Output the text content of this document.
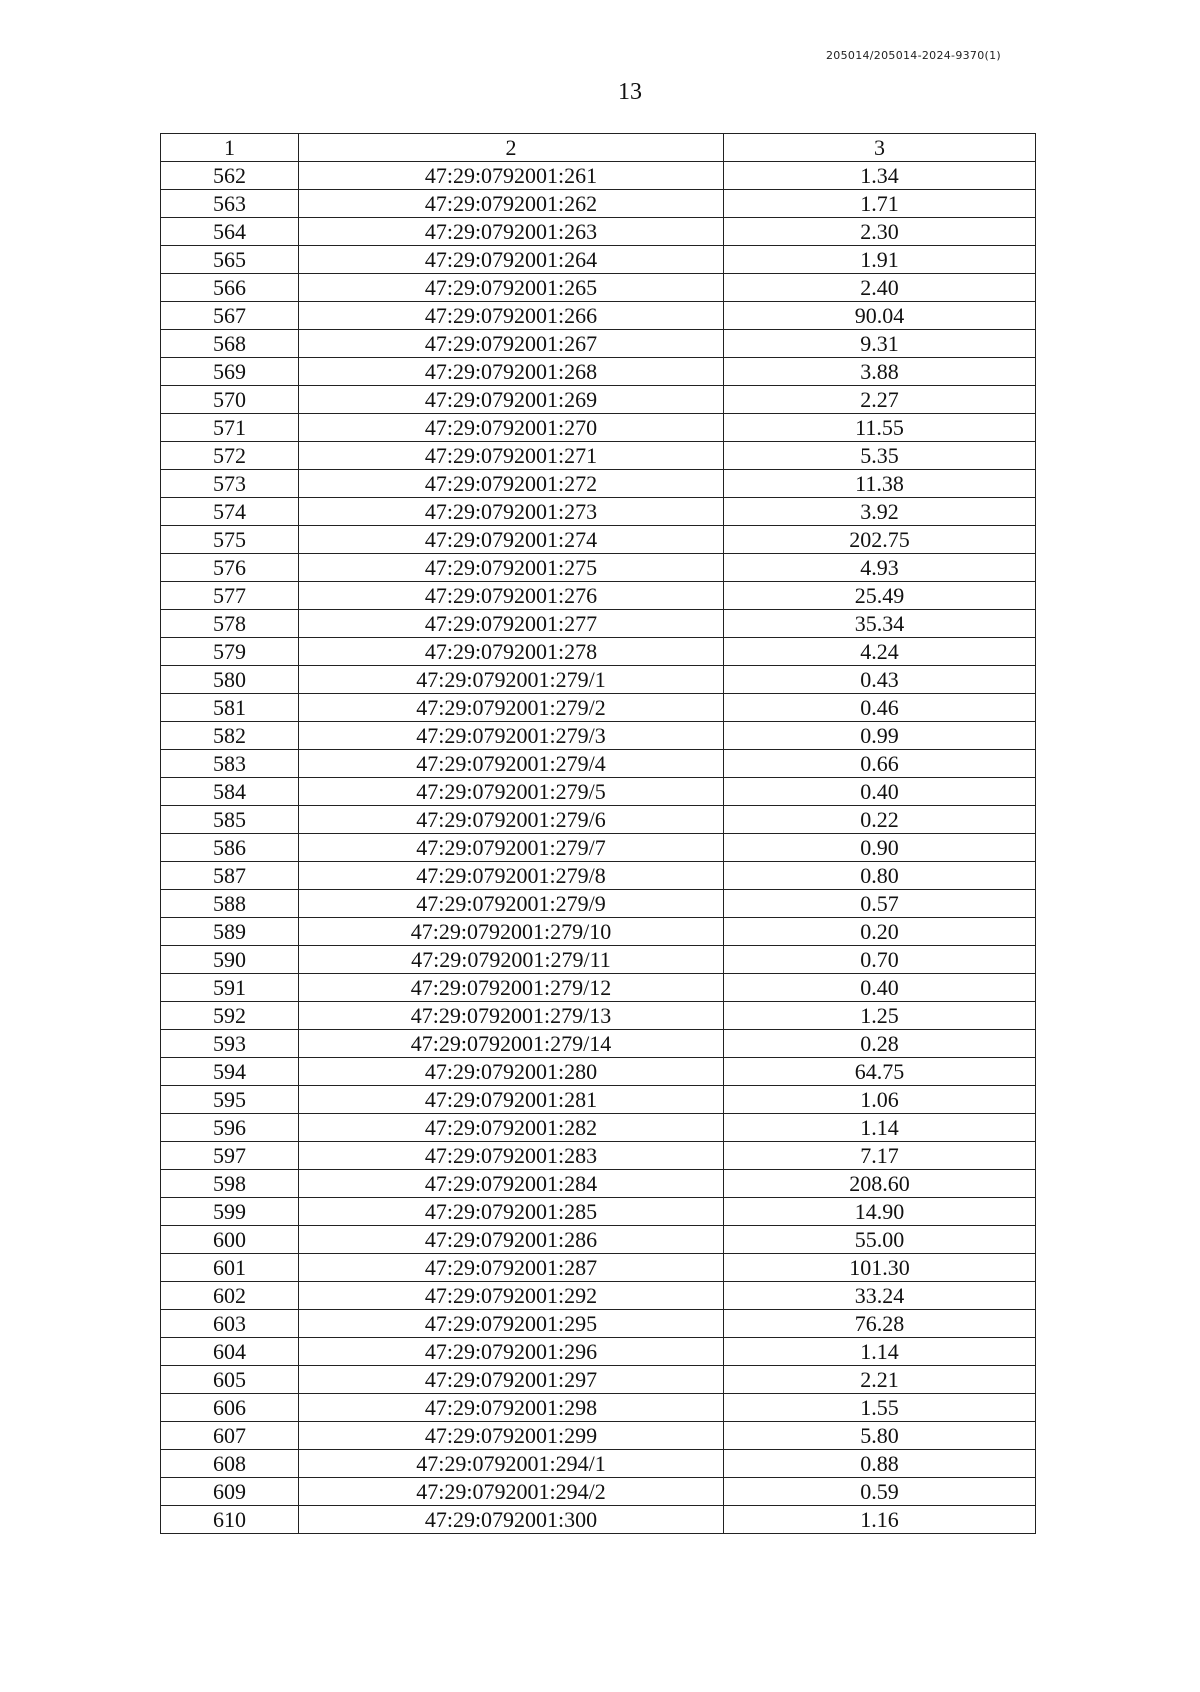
205014/205014-2024-9370(1)
13
1	2	3
562	47:29:0792001:261	1.34
563	47:29:0792001:262	1.71
564	47:29:0792001:263	2.30
565	47:29:0792001:264	1.91
566	47:29:0792001:265	2.40
567	47:29:0792001:266	90.04
568	47:29:0792001:267	9.31
569	47:29:0792001:268	3.88
570	47:29:0792001:269	2.27
571	47:29:0792001:270	11.55
572	47:29:0792001:271	5.35
573	47:29:0792001:272	11.38
574	47:29:0792001:273	3.92
575	47:29:0792001:274	202.75
576	47:29:0792001:275	4.93
577	47:29:0792001:276	25.49
578	47:29:0792001:277	35.34
579	47:29:0792001:278	4.24
580	47:29:0792001:279/1	0.43
581	47:29:0792001:279/2	0.46
582	47:29:0792001:279/3	0.99
583	47:29:0792001:279/4	0.66
584	47:29:0792001:279/5	0.40
585	47:29:0792001:279/6	0.22
586	47:29:0792001:279/7	0.90
587	47:29:0792001:279/8	0.80
588	47:29:0792001:279/9	0.57
589	47:29:0792001:279/10	0.20
590	47:29:0792001:279/11	0.70
591	47:29:0792001:279/12	0.40
592	47:29:0792001:279/13	1.25
593	47:29:0792001:279/14	0.28
594	47:29:0792001:280	64.75
595	47:29:0792001:281	1.06
596	47:29:0792001:282	1.14
597	47:29:0792001:283	7.17
598	47:29:0792001:284	208.60
599	47:29:0792001:285	14.90
600	47:29:0792001:286	55.00
601	47:29:0792001:287	101.30
602	47:29:0792001:292	33.24
603	47:29:0792001:295	76.28
604	47:29:0792001:296	1.14
605	47:29:0792001:297	2.21
606	47:29:0792001:298	1.55
607	47:29:0792001:299	5.80
608	47:29:0792001:294/1	0.88
609	47:29:0792001:294/2	0.59
610	47:29:0792001:300	1.16
